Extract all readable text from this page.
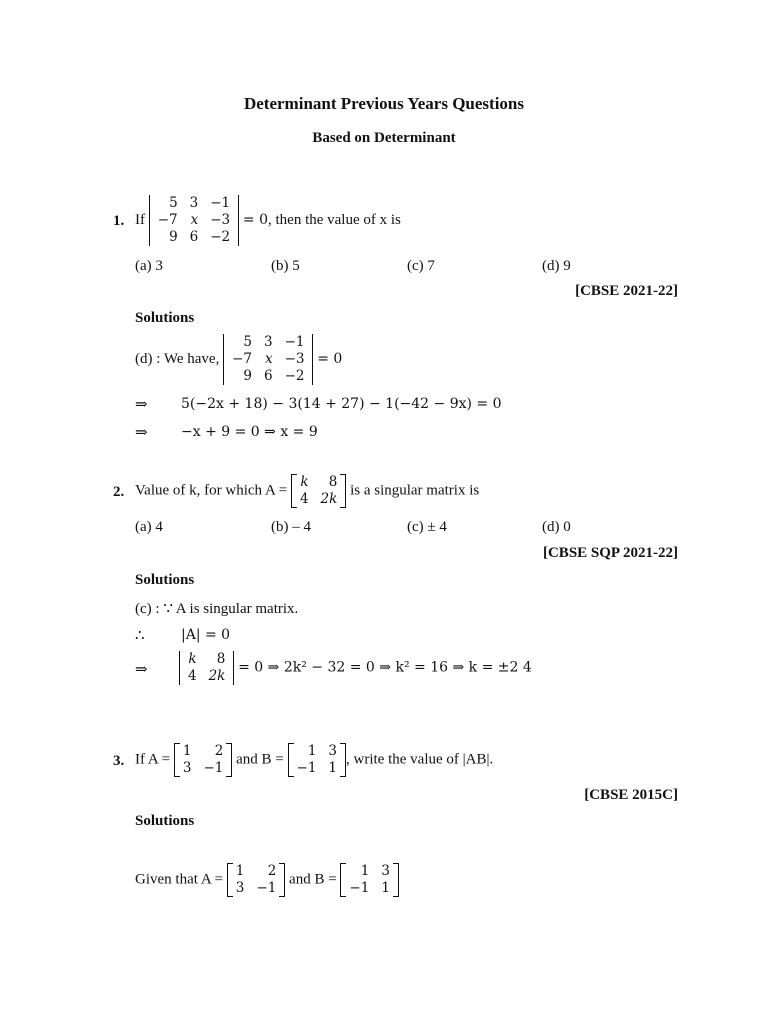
Determinant Previous Years Questions
Based on Determinant
1. If
5	3	−1
−7	x	−3
9	6	−2
= 0, then the value of x is
(a) 3	(b) 5	(c) 7	(d) 9
[CBSE 2021-22]
Solutions
(d) : We have,
5	3	−1
−7	x	−3
9	6	−2
= 0
⇒ 5(−2x + 18) − 3(14 + 27) − 1(−42 − 9x) = 0
⇒ −x + 9 = 0 ⇒ x = 9
2. Value of k, for which A =
k	8
4	2k
is a singular matrix is
(a) 4	(b) – 4	(c) ± 4	(d) 0
[CBSE SQP 2021-22]
Solutions
(c) : ∵ A is singular matrix.
∴	|A| = 0
⇒
k	8
4	2k
= 0 ⇒ 2k² − 32 = 0 ⇒ k² = 16 ⇒ k = ±2 4
3. If A =
1	2
3	−1
and B =
1	3
−1	1
, write the value of |AB|.
[CBSE 2015C]
Solutions
Given that A =
1	2
3	−1
and B =
1	3
−1	1
